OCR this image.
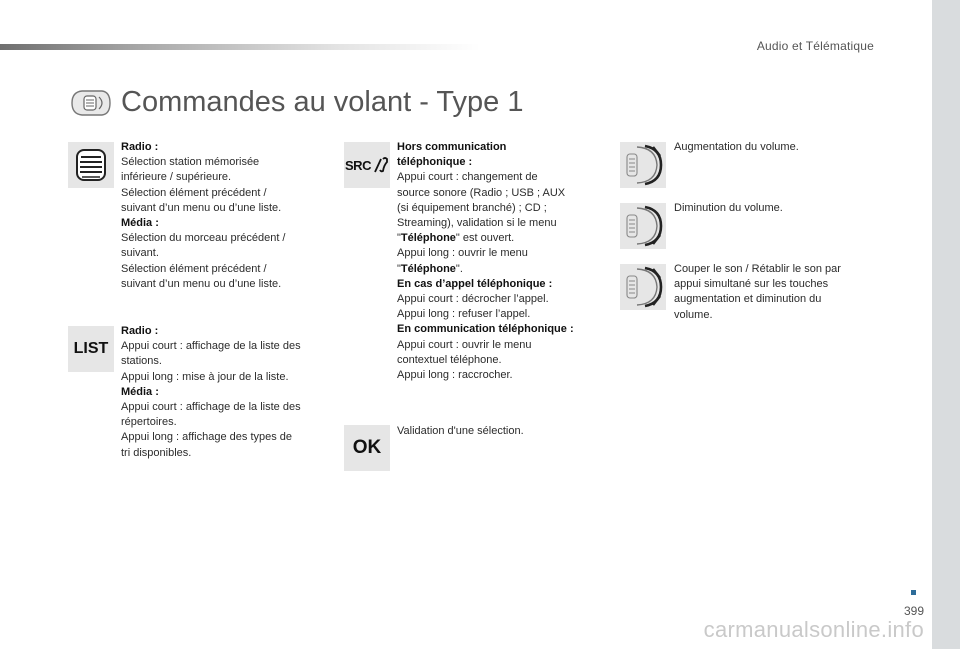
Audio et Télématique
Commandes au volant - Type 1
Radio :
Sélection station mémorisée
inférieure / supérieure.
Sélection élément précédent /
suivant d’un menu ou d’une liste.
Média :
Sélection du morceau précédent /
suivant.
Sélection élément précédent /
suivant d’un menu ou d’une liste.
LIST
Radio :
Appui court : affichage de la liste des
stations.
Appui long : mise à jour de la liste.
Média :
Appui court : affichage de la liste des
répertoires.
Appui long : affichage des types de
tri disponibles.
SRC
Hors communication
téléphonique :
Appui court : changement de
source sonore (Radio ; USB ; AUX
(si équipement branché) ; CD ;
Streaming), validation si le menu
"Téléphone" est ouvert.
Appui long : ouvrir le menu
"Téléphone".
En cas d’appel téléphonique :
Appui court : décrocher l’appel.
Appui long : refuser l’appel.
En communication téléphonique :
Appui court : ouvrir le menu
contextuel téléphone.
Appui long : raccrocher.
OK
Validation d'une sélection.
Augmentation du volume.
Diminution du volume.
Couper le son / Rétablir le son par
appui simultané sur les touches
augmentation et diminution du
volume.
399
carmanualsonline.info
